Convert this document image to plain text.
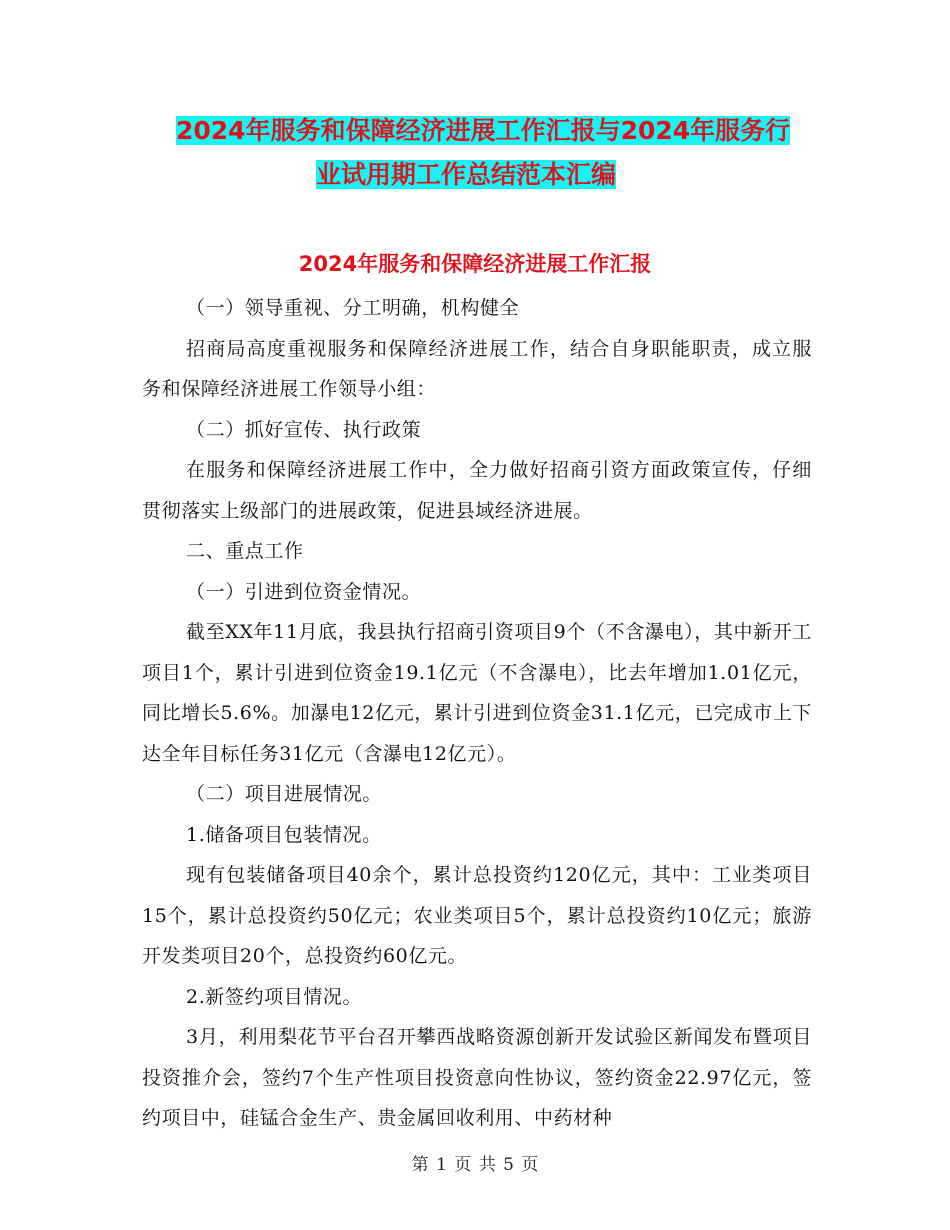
2024年服务和保障经济进展工作汇报与2024年服务行
业试用期工作总结范本汇编
2024年服务和保障经济进展工作汇报

（一）领导重视、分工明确，机构健全

招商局高度重视服务和保障经济进展工作，结合自身职能职责，成立服务和保障经济进展工作领导小组：

（二）抓好宣传、执行政策

在服务和保障经济进展工作中，全力做好招商引资方面政策宣传，仔细贯彻落实上级部门的进展政策，促进县域经济进展。

二、重点工作

（一）引进到位资金情况。

截至XX年11月底，我县执行招商引资项目9个（不含瀑电），其中新开工项目1个，累计引进到位资金19.1亿元（不含瀑电），比去年增加1.01亿元，同比增长5.6%。加瀑电12亿元，累计引进到位资金31.1亿元，已完成市上下达全年目标任务31亿元（含瀑电12亿元）。

（二）项目进展情况。

1.储备项目包装情况。

现有包装储备项目40余个，累计总投资约120亿元，其中：工业类项目15个，累计总投资约50亿元；农业类项目5个，累计总投资约10亿元；旅游开发类项目20个，总投资约60亿元。

2.新签约项目情况。

3月，利用梨花节平台召开攀西战略资源创新开发试验区新闻发布暨项目投资推介会，签约7个生产性项目投资意向性协议，签约资金22.97亿元，签约项目中，硅锰合金生产、贵金属回收利用、中药材种

第 1 页 共 5 页
